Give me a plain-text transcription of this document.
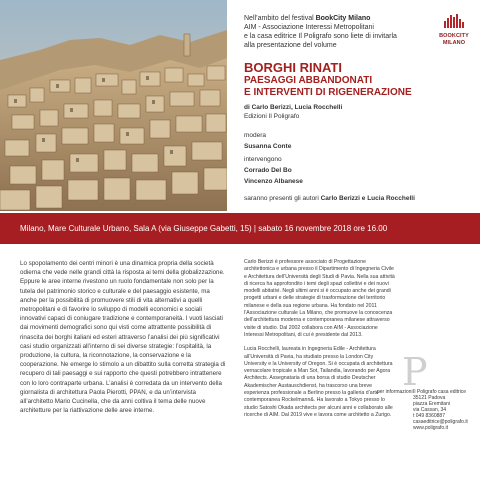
Nell’ambito del festival BookCity Milano
AIM - Associazione Interessi Metropolitani
e la casa editrice Il Poligrafo sono liete di invitarla
alla presentazione del volume
BOOKCITY
MILANO
BORGHI RINATI
PAESAGGI ABBANDONATI
E INTERVENTI DI RIGENERAZIONE
di Carlo Berizzi, Lucia Rocchelli
Edizioni Il Poligrafo
modera
Susanna Conte
intervengono
Corrado Del Bo
Vincenzo Albanese
saranno presenti gli autori Carlo Berizzi e Lucia Rocchelli
Milano, Mare Culturale Urbano, Sala A (via Giuseppe Gabetti, 15) | sabato 16 novembre 2018 ore 16.00
Lo spopolamento dei centri minori è una dinamica propria della società odierna che vede nelle grandi città la risposta ai temi della globalizzazione. Eppure le aree interne rivestono un ruolo fondamentale non solo per la tutela del patrimonio storico e culturale e del paesaggio esistente, ma anche per la possibilità di promuovere stili di vita alternativi a quelli metropolitani e di favorire lo sviluppo di modelli economici e sociali innovativi capaci di coniugare tradizione e contemporaneità. I vuoti lasciati dai movimenti demografici sono qui visti come attrattente possibilità di rinascita dei borghi italiani ed esteri attraverso l’analisi dei più significativi casi studio organizzati all’interno di sei diverse strategie: l’ospitalità, la produzione, la cultura, la riconnotazione, la conservazione e la cooperazione. Ne emerge lo stimolo a un dibattito sulla corretta strategia di recupero di tali paesaggi e sui rapporto che questi potrebbero intrattenere con lo loro contraparte urbana. L’analisi è corredata da un intervento della giornalista di architettura Paola Pierotti, PPAN, e da un’intervista all’architetto Mario Cucinella, che da anni coltiva il tema delle nuove architetture per la riattivazione delle aree interne.

Carlo Berizzi è professore associato di Progettazione architettonica e urbana presso il Dipartimento di Ingegneria Civile e Architettura dell’Università degli Studi di Pavia. Nella sua attività di ricerca ha approfondito i temi degli spazi collettivi e dei nuovi modelli abitativi. Negli ultimi anni si è occupato anche dei grandi progetti urbani e delle strategie di trasformazione del territorio milanese e della sua regione urbana. Ha fondato nel 2011 l’Associazione culturale La Milano, che promuove la conoscenza dell’architettura moderna e contemporanea milanese attraverso visite di studio. Dal 2002 collabora con AIM - Associazione Interessi Metropolitani, di cui è presidente dal 2013.

Lucia Rocchelli, laureata in Ingegneria Edile - Architettura all’Università di Pavia, ha studiato presso la London City University e la University of Oregon. Si è occupata di architettura vernacolare tropicale a Man Sot, Tailandia, lavorando per Agora Architects. Assegnataria di una borsa di studio Deutscher Akademischer Austauschdienst, ha trascorso una breve esperienza professionale a Berlino presso la galleria d’arte contemporanea Rockelmann&. Ha lavorato a Tokyo presso lo studio Satoshi Okada architects per alcuni anni e collaborato alle ricerche di AIM. Dal 2019 vive e lavora come architetto a Zurigo.

P
per informazioni Il Poligrafo casa editrice
35121 Padova
piazza Eremitani
via Cassan, 34
t 049 8360887
casaeditrice@poligrafo.it
www.poligrafo.it
